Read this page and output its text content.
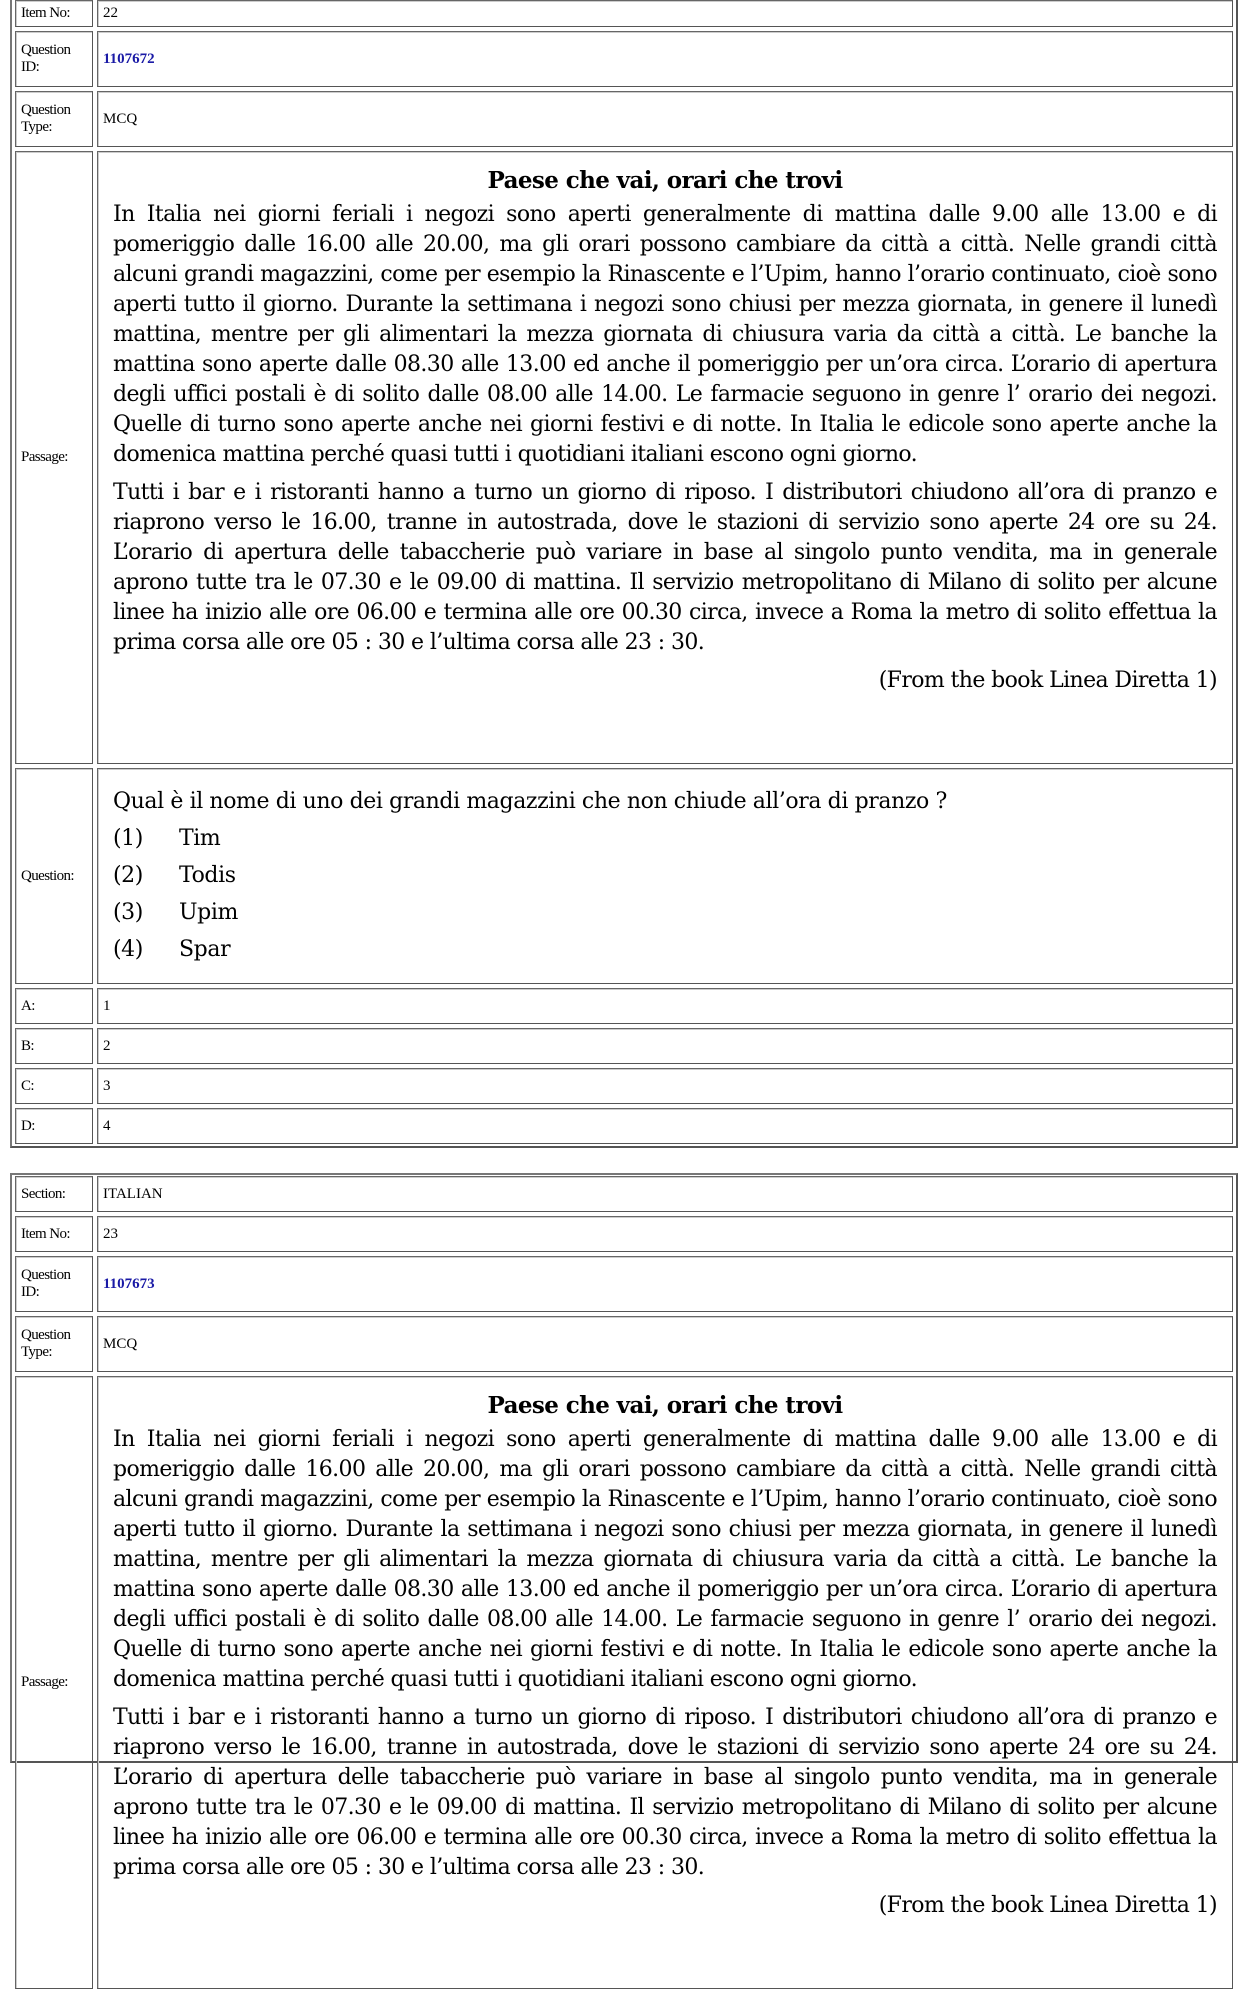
Item No:	22
Question ID:
1107672
Question Type:
MCQ
Passage:
Paese che vai, orari che trovi

In Italia nei giorni feriali i negozi sono aperti generalmente di mattina dalle 9.00 alle 13.00 e di pomeriggio dalle 16.00 alle 20.00, ma gli orari possono cambiare da città a città. Nelle grandi città alcuni grandi magazzini, come per esempio la Rinascente e l’Upim, hanno l’orario continuato, cioè sono aperti tutto il giorno. Durante la settimana i negozi sono chiusi per mezza giornata, in genere il lunedì mattina, mentre per gli alimentari la mezza giornata di chiusura varia da città a città. Le banche la mattina sono aperte dalle 08.30 alle 13.00 ed anche il pomeriggio per un’ora circa. L’orario di apertura degli uffici postali è di solito dalle 08.00 alle 14.00. Le farmacie seguono in genre l’ orario dei negozi. Quelle di turno sono aperte anche nei giorni festivi e di notte. In Italia le edicole sono aperte anche la domenica mattina perché quasi tutti i quotidiani italiani escono ogni giorno.

Tutti i bar e i ristoranti hanno a turno un giorno di riposo. I distributori chiudono all’ora di pranzo e riaprono verso le 16.00, tranne in autostrada, dove le stazioni di servizio sono aperte 24 ore su 24. L’orario di apertura delle tabaccherie può variare in base al singolo punto vendita, ma in generale aprono tutte tra le 07.30 e le 09.00 di mattina. Il servizio metropolitano di Milano di solito per alcune linee ha inizio alle ore 06.00 e termina alle ore 00.30 circa, invece a Roma la metro di solito effettua la prima corsa alle ore 05 : 30 e l’ultima corsa alle 23 : 30.

(From the book Linea Diretta 1)
Question:
Qual è il nome di uno dei grandi magazzini che non chiude all’ora di pranzo ?
(1)	Tim
(2)	Todis
(3)	Upim
(4)	Spar
A:	1
B:	2
C:	3
D:	4
Section:	ITALIAN
Item No:	23
Question ID:
1107673
Question Type:
MCQ
Passage:
Paese che vai, orari che trovi

In Italia nei giorni feriali i negozi sono aperti generalmente di mattina dalle 9.00 alle 13.00 e di pomeriggio dalle 16.00 alle 20.00, ma gli orari possono cambiare da città a città. Nelle grandi città alcuni grandi magazzini, come per esempio la Rinascente e l’Upim, hanno l’orario continuato, cioè sono aperti tutto il giorno. Durante la settimana i negozi sono chiusi per mezza giornata, in genere il lunedì mattina, mentre per gli alimentari la mezza giornata di chiusura varia da città a città. Le banche la mattina sono aperte dalle 08.30 alle 13.00 ed anche il pomeriggio per un’ora circa. L’orario di apertura degli uffici postali è di solito dalle 08.00 alle 14.00. Le farmacie seguono in genre l’ orario dei negozi. Quelle di turno sono aperte anche nei giorni festivi e di notte. In Italia le edicole sono aperte anche la domenica mattina perché quasi tutti i quotidiani italiani escono ogni giorno.

Tutti i bar e i ristoranti hanno a turno un giorno di riposo. I distributori chiudono all’ora di pranzo e riaprono verso le 16.00, tranne in autostrada, dove le stazioni di servizio sono aperte 24 ore su 24. L’orario di apertura delle tabaccherie può variare in base al singolo punto vendita, ma in generale aprono tutte tra le 07.30 e le 09.00 di mattina. Il servizio metropolitano di Milano di solito per alcune linee ha inizio alle ore 06.00 e termina alle ore 00.30 circa, invece a Roma la metro di solito effettua la prima corsa alle ore 05 : 30 e l’ultima corsa alle 23 : 30.

(From the book Linea Diretta 1)
